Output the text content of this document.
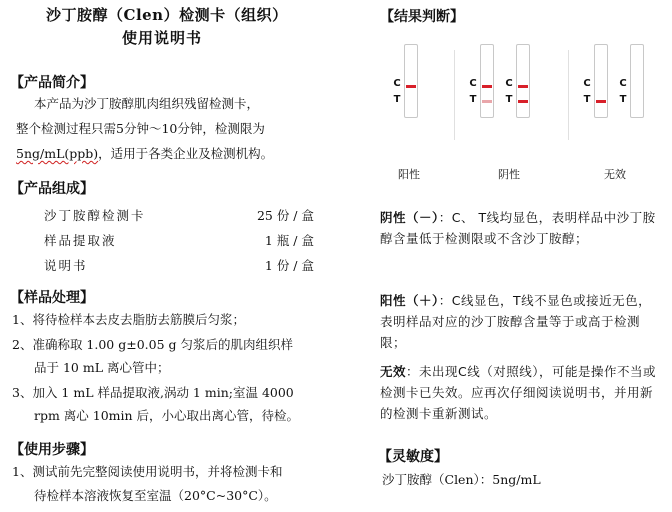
沙丁胺醇（Clen）检测卡（组织）
使用说明书
【产品简介】
本产品为沙丁胺醇肌肉组织残留检测卡，
整个检测过程只需5分钟～10分钟，检测限为
5ng/mL(ppb)，适用于各类企业及检测机构。
【产品组成】
沙丁胺醇检测卡	25 份 / 盒
样品提取液	1 瓶 / 盒
说明书	1 份 / 盒
【样品处理】
1、将待检样本去皮去脂肪去筋膜后匀浆；
2、准确称取 1.00 g±0.05 g 匀浆后的肌肉组织样
品于 10 mL 离心管中；
3、加入 1 mL 样品提取液,涡动 1 min;室温 4000
rpm 离心 10min 后，小心取出离心管，待检。
【使用步骤】
1、测试前先完整阅读使用说明书，并将检测卡和
待检样本溶液恢复至室温（20°C~30°C）。
【结果判断】
C
T
C
T
C
T
C
T
C
T
阳性	阴性	无效
阴性（－）：C、 T线均显色，表明样品中沙丁胺醇含量低于检测限或不含沙丁胺醇；
阳性（＋）：C线显色，T线不显色或接近无色，表明样品对应的沙丁胺醇含量等于或高于检测限；
无效：未出现C线（对照线），可能是操作不当或检测卡已失效。应再次仔细阅读说明书，并用新的检测卡重新测试。
【灵敏度】
沙丁胺醇（Clen）：5ng/mL
